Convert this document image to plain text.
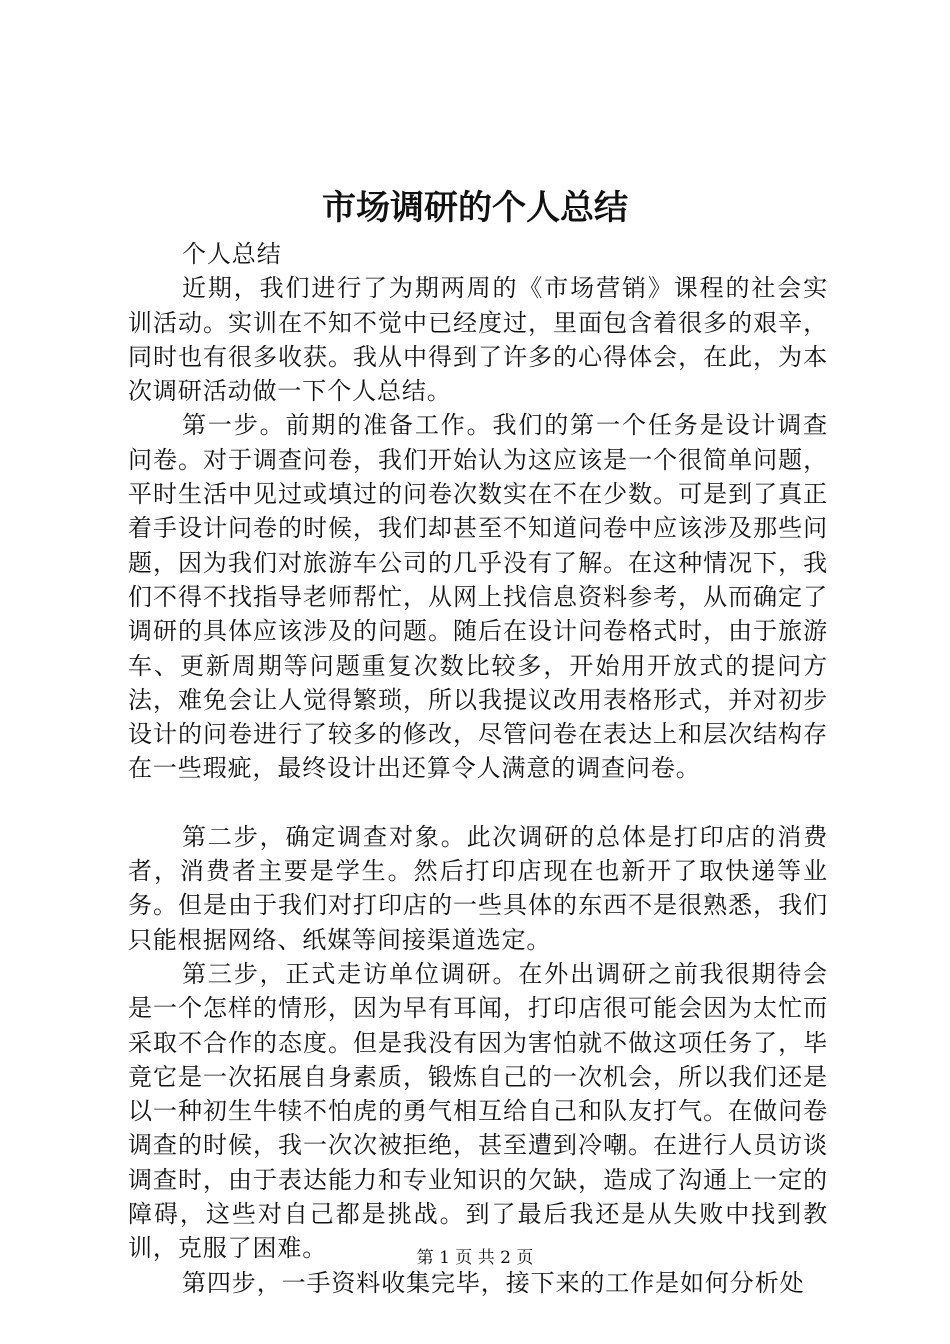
市场调研的个人总结

个人总结

近期，我们进行了为期两周的《市场营销》课程的社会实训活动。实训在不知不觉中已经度过，里面包含着很多的艰辛，同时也有很多收获。我从中得到了许多的心得体会，在此，为本次调研活动做一下个人总结。

第一步。前期的准备工作。我们的第一个任务是设计调查问卷。对于调查问卷，我们开始认为这应该是一个很简单问题，平时生活中见过或填过的问卷次数实在不在少数。可是到了真正着手设计问卷的时候，我们却甚至不知道问卷中应该涉及那些问题，因为我们对旅游车公司的几乎没有了解。在这种情况下，我们不得不找指导老师帮忙，从网上找信息资料参考，从而确定了调研的具体应该涉及的问题。随后在设计问卷格式时，由于旅游车、更新周期等问题重复次数比较多，开始用开放式的提问方法，难免会让人觉得繁琐，所以我提议改用表格形式，并对初步设计的问卷进行了较多的修改，尽管问卷在表达上和层次结构存在一些瑕疵，最终设计出还算令人满意的调查问卷。

第二步，确定调查对象。此次调研的总体是打印店的消费者，消费者主要是学生。然后打印店现在也新开了取快递等业务。但是由于我们对打印店的一些具体的东西不是很熟悉，我们只能根据网络、纸媒等间接渠道选定。

第三步，正式走访单位调研。在外出调研之前我很期待会是一个怎样的情形，因为早有耳闻，打印店很可能会因为太忙而采取不合作的态度。但是我没有因为害怕就不做这项任务了，毕竟它是一次拓展自身素质，锻炼自己的一次机会，所以我们还是以一种初生牛犊不怕虎的勇气相互给自己和队友打气。在做问卷调查的时候，我一次次被拒绝，甚至遭到冷嘲。在进行人员访谈调查时，由于表达能力和专业知识的欠缺，造成了沟通上一定的障碍，这些对自己都是挑战。到了最后我还是从失败中找到教训，克服了困难。

第四步，一手资料收集完毕，接下来的工作是如何分析处

第 1 页 共 2 页
